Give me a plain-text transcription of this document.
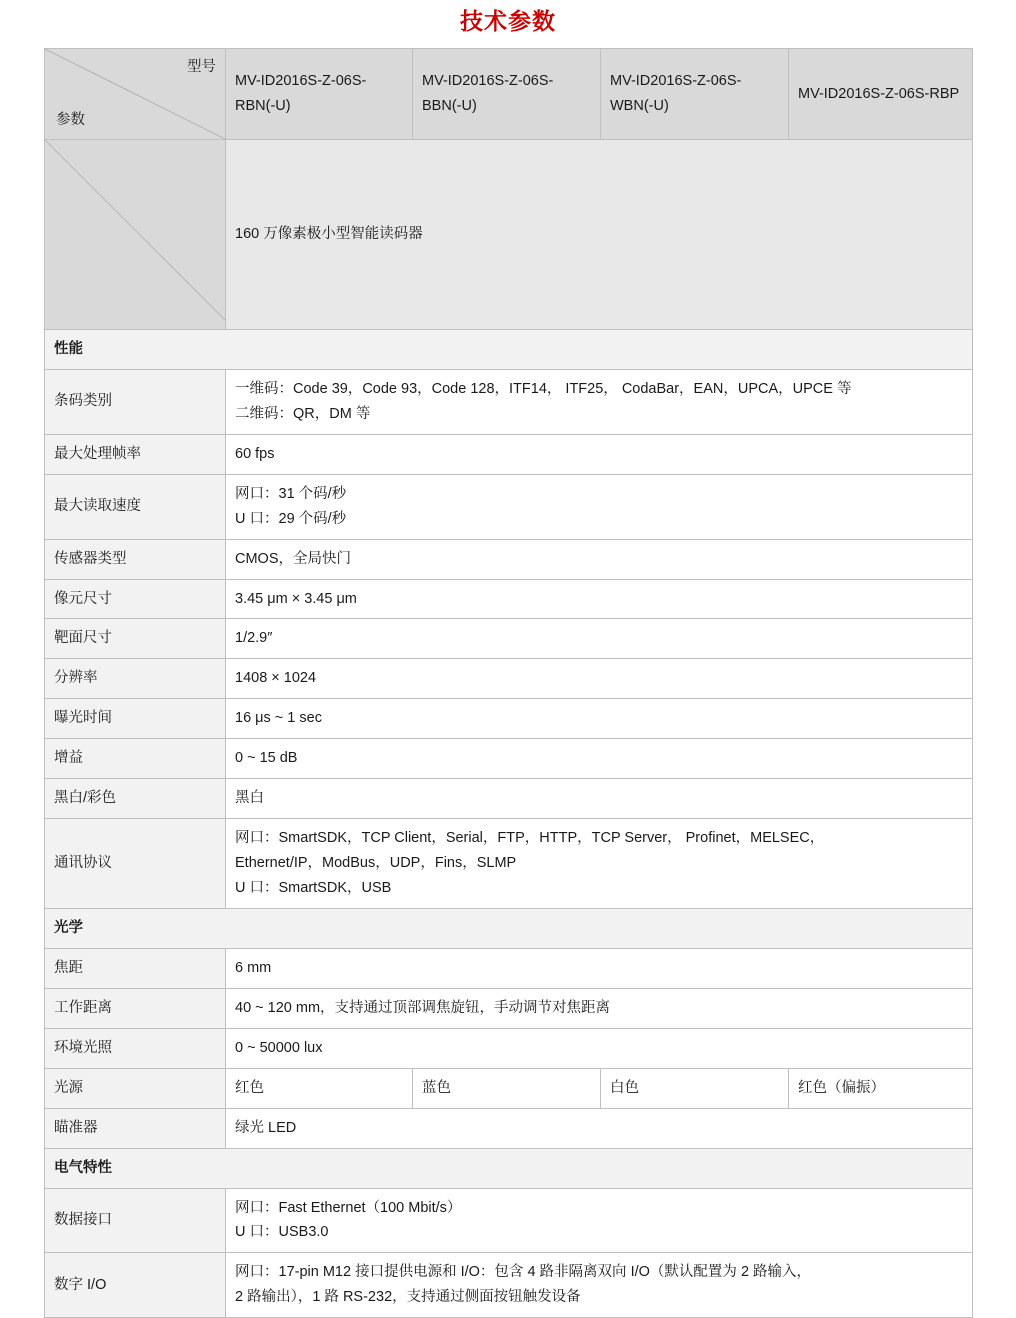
技术参数
型号
参数	MV-ID2016S-Z-06S-RBN(-U)	MV-ID2016S-Z-06S-BBN(-U)	MV-ID2016S-Z-06S-WBN(-U)	MV-ID2016S-Z-06S-RBP
	160 万像素极小型智能读码器			
性能				
条码类别	一维码：Code 39，Code 93，Code 128，ITF14， ITF25， CodaBar，EAN，UPCA，UPCE 等
二维码：QR，DM 等			

最大处理帧率	60 fps			

最大读取速度	网口：31 个码/秒
U 口：29 个码/秒			

传感器类型	CMOS，全局快门			

像元尺寸	3.45 μm × 3.45 μm			

靶面尺寸	1/2.9″			

分辨率	1408 × 1024			

曝光时间	16 μs ~ 1 sec			

增益	0 ~ 15 dB			

黑白/彩色	黑白			

通讯协议	网口：SmartSDK，TCP Client，Serial，FTP，HTTP，TCP Server， Profinet，MELSEC，
Ethernet/IP，ModBus，UDP，Fins，SLMP
U 口：SmartSDK，USB			

光学				
焦距	6 mm			

工作距离	40 ~ 120 mm，支持通过顶部调焦旋钮，手动调节对焦距离			

环境光照	0 ~ 50000 lux			

光源	红色	蓝色	白色	红色（偏振）
瞄准器	绿光 LED			

电气特性				
数据接口	网口：Fast Ethernet（100 Mbit/s）
U 口：USB3.0			

数字 I/O	网口：17-pin M12 接口提供电源和 I/O：包含 4 路非隔离双向 I/O（默认配置为 2 路输入，
2 路输出），1 路 RS-232，支持通过侧面按钮触发设备			
